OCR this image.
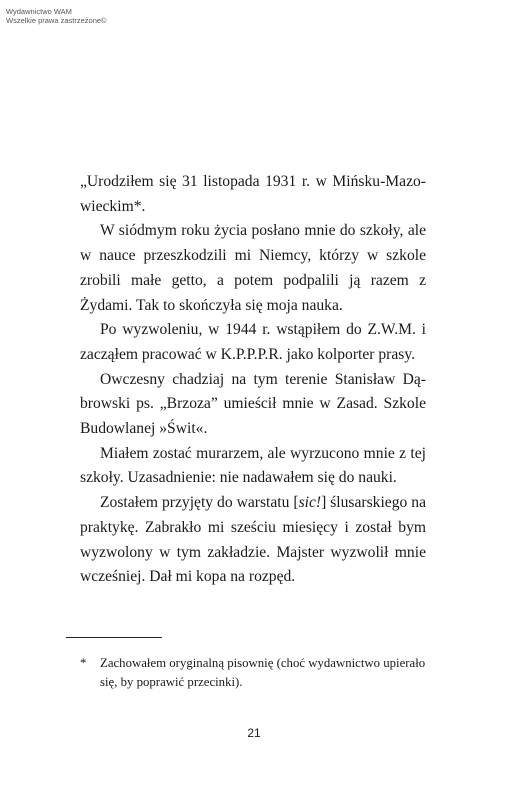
Wydawnictwo WAM
Wszelkie prawa zastrzeżone©

„Urodziłem się 31 listopada 1931 r. w Mińsku-Mazowieckim*.

W siódmym roku życia posłano mnie do szkoły, ale w nauce przeszkodzili mi Niemcy, którzy w szkole zrobili małe getto, a potem podpalili ją razem z Żydami. Tak to skończyła się moja nauka.

Po wyzwoleniu, w 1944 r. wstąpiłem do Z.W.M. i zacząłem pracować w K.P.P.P.R. jako kolporter prasy.

Owczesny chadziaj na tym terenie Stanisław Dąbrowski ps. „Brzoza” umieścił mnie w Zasad. Szkole Budowlanej »Świt«.

Miałem zostać murarzem, ale wyrzucono mnie z tej szkoły. Uzasadnienie: nie nadawałem się do nauki.

Zostałem przyjęty do warstatu [sic!] ślusarskiego na praktykę. Zabrakło mi sześciu miesięcy i został bym wyzwolony w tym zakładzie. Majster wyzwolił mnie wcześniej. Dał mi kopa na rozpęd.

* Zachowałem oryginalną pisownię (choć wydawnictwo upierało się, by poprawić przecinki).
21
